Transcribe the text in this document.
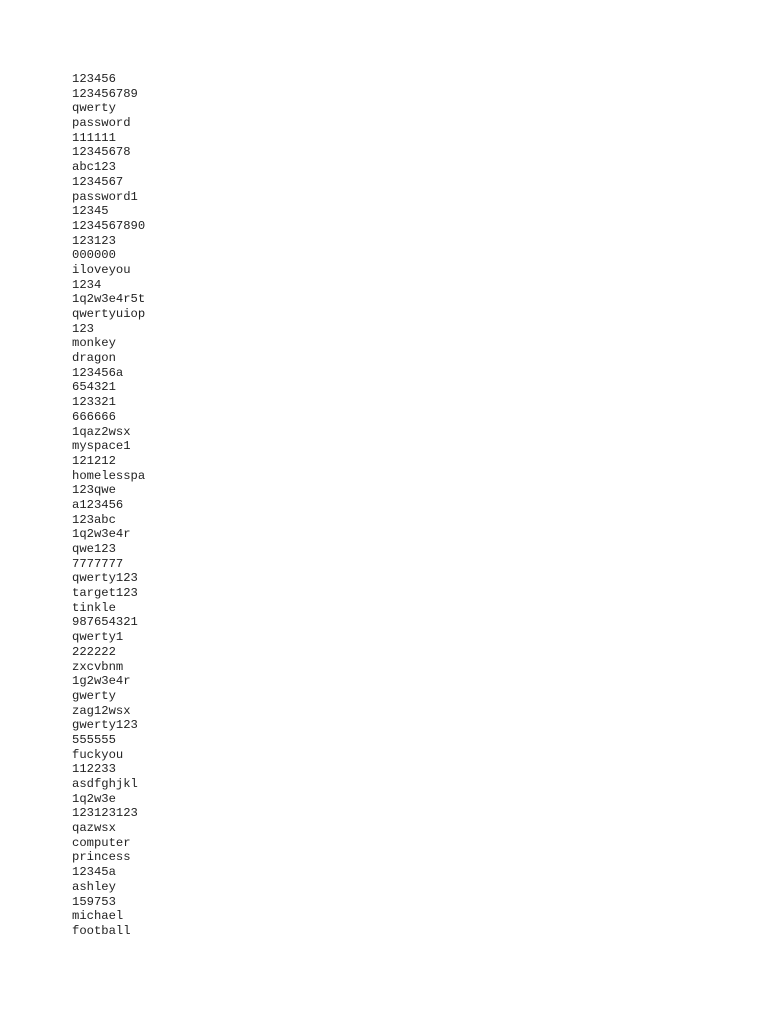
123456
123456789
qwerty
password
111111
12345678
abc123
1234567
password1
12345
1234567890
123123
000000
iloveyou
1234
1q2w3e4r5t
qwertyuiop
123
monkey
dragon
123456a
654321
123321
666666
1qaz2wsx
myspace1
121212
homelesspa
123qwe
a123456
123abc
1q2w3e4r
qwe123
7777777
qwerty123
target123
tinkle
987654321
qwerty1
222222
zxcvbnm
1g2w3e4r
gwerty
zag12wsx
gwerty123
555555
fuckyou
112233
asdfghjkl
1q2w3e
123123123
qazwsx
computer
princess
12345a
ashley
159753
michael
football
